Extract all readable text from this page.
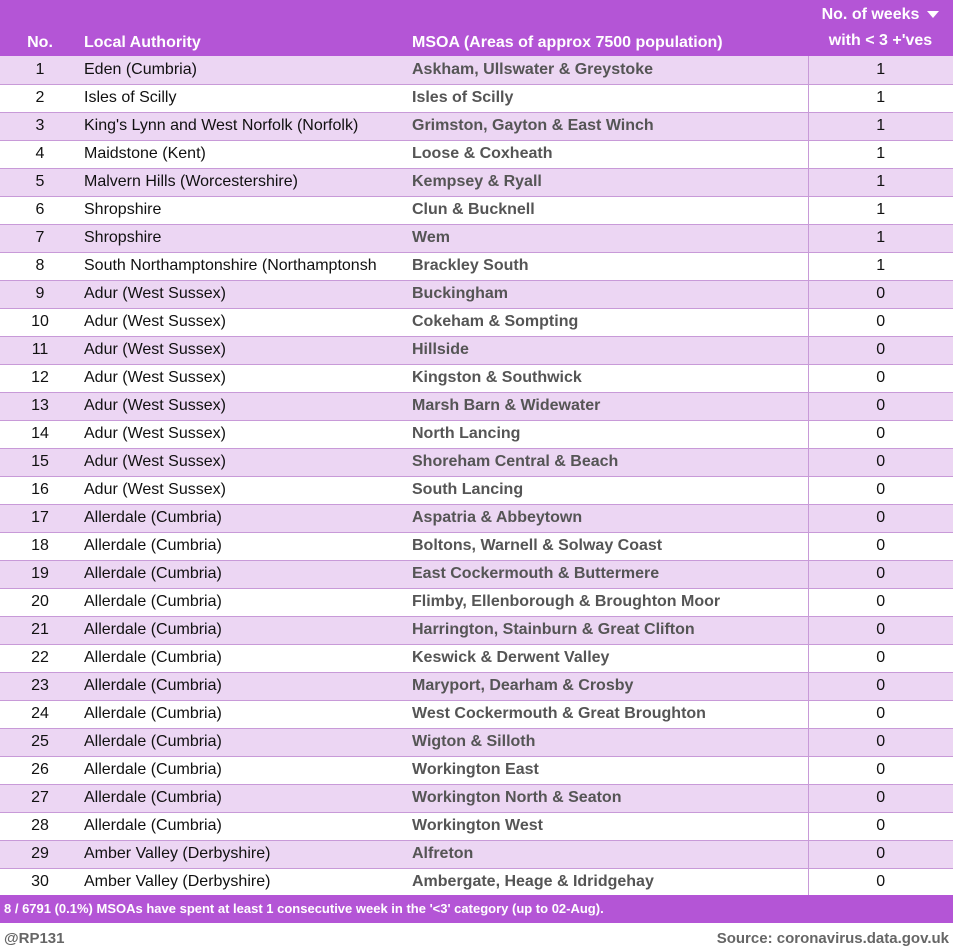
No.	Local Authority	MSOA (Areas of approx 7500 population)	No. of weeks
with < 3 +'ves
1	Eden (Cumbria)	Askham, Ullswater & Greystoke	1
2	Isles of Scilly	Isles of Scilly	1
3	King's Lynn and West Norfolk (Norfolk)	Grimston, Gayton & East Winch	1
4	Maidstone (Kent)	Loose & Coxheath	1
5	Malvern Hills (Worcestershire)	Kempsey & Ryall	1
6	Shropshire	Clun & Bucknell	1
7	Shropshire	Wem	1
8	South Northamptonshire (Northamptonsh	Brackley South	1
9	Adur (West Sussex)	Buckingham	0
10	Adur (West Sussex)	Cokeham & Sompting	0
11	Adur (West Sussex)	Hillside	0
12	Adur (West Sussex)	Kingston & Southwick	0
13	Adur (West Sussex)	Marsh Barn & Widewater	0
14	Adur (West Sussex)	North Lancing	0
15	Adur (West Sussex)	Shoreham Central & Beach	0
16	Adur (West Sussex)	South Lancing	0
17	Allerdale (Cumbria)	Aspatria & Abbeytown	0
18	Allerdale (Cumbria)	Boltons, Warnell & Solway Coast	0
19	Allerdale (Cumbria)	East Cockermouth & Buttermere	0
20	Allerdale (Cumbria)	Flimby, Ellenborough & Broughton Moor	0
21	Allerdale (Cumbria)	Harrington, Stainburn & Great Clifton	0
22	Allerdale (Cumbria)	Keswick & Derwent Valley	0
23	Allerdale (Cumbria)	Maryport, Dearham & Crosby	0
24	Allerdale (Cumbria)	West Cockermouth & Great Broughton	0
25	Allerdale (Cumbria)	Wigton & Silloth	0
26	Allerdale (Cumbria)	Workington East	0
27	Allerdale (Cumbria)	Workington North & Seaton	0
28	Allerdale (Cumbria)	Workington West	0
29	Amber Valley (Derbyshire)	Alfreton	0
30	Amber Valley (Derbyshire)	Ambergate, Heage & Idridgehay	0
8 / 6791 (0.1%) MSOAs have spent at least 1 consecutive week in the '<3' category (up to 02-Aug).
@RP131	Source: coronavirus.data.gov.uk
